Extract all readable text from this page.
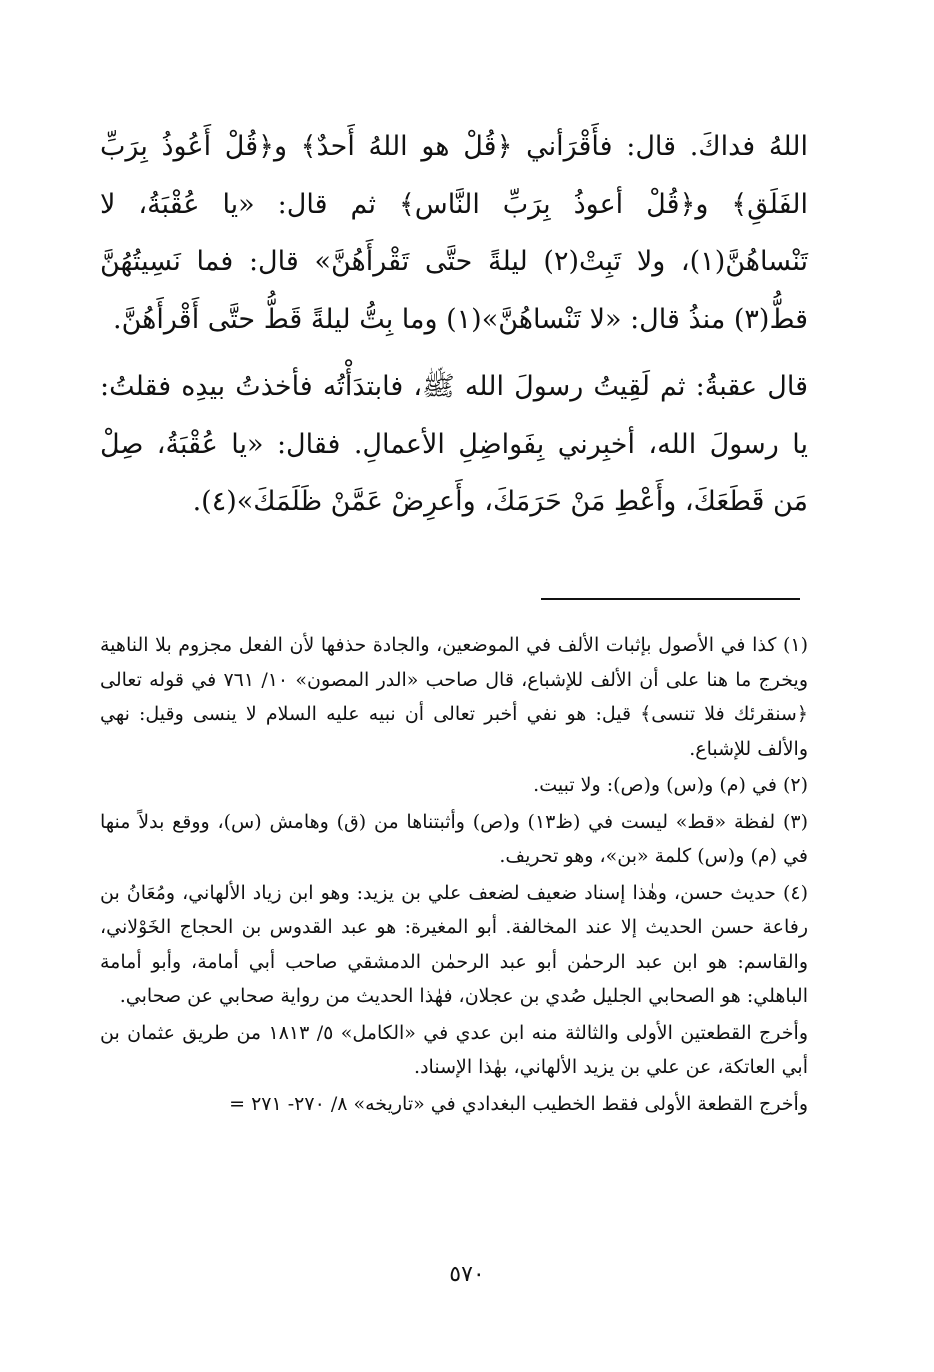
اللهُ فداكَ. قال: فأَقْرَأني ﴿قُلْ هو اللهُ أَحدٌ﴾ و﴿قُلْ أَعُوذُ بِرَبِّ الفَلَقِ﴾ و﴿قُلْ أعوذُ بِرَبِّ النَّاس﴾ ثم قال: «يا عُقْبَةُ، لا تَنْساهُنَّ(١)، ولا تَبِتْ(٢) ليلةً حتَّى تَقْرأَهُنَّ» قال: فما نَسِيتُهُنَّ قطُّ(٣) منذُ قال: «لا تَنْساهُنَّ»(١) وما بِتُّ ليلةً قَطُّ حتَّى أَقْرأَهُنَّ.

قال عقبةُ: ثم لَقِيتُ رسولَ الله ﷺ، فابتدَأْتُه فأخذتُ بيدِه فقلتُ: يا رسولَ الله، أخبِرني بِفَواضِلِ الأعمالِ. فقال: «يا عُقْبَةُ، صِلْ مَن قَطَعَكَ، وأَعْطِ مَنْ حَرَمَكَ، وأَعرِضْ عَمَّنْ ظَلَمَكَ»(٤).

(١) كذا في الأصول بإثبات الألف في الموضعين، والجادة حذفها لأن الفعل مجزوم بلا الناهية ويخرج ما هنا على أن الألف للإشباع، قال صاحب «الدر المصون» ١٠/ ٧٦١ في قوله تعالى ﴿سنقرئك فلا تنسى﴾ قيل: هو نفي أخبر تعالى أن نبيه عليه السلام لا ينسى وقيل: نهي والألف للإشباع.

(٢) في (م) و(س) و(ص): ولا تبيت.

(٣) لفظة «قط» ليست في (ظ١٣) و(ص) وأثبتناها من (ق) وهامش (س)، ووقع بدلاً منها في (م) و(س) كلمة «بن»، وهو تحريف.

(٤) حديث حسن، وهٰذا إسناد ضعيف لضعف علي بن يزيد: وهو ابن زياد الألهاني، ومُعَانُ بن رفاعة حسن الحديث إلا عند المخالفة. أبو المغيرة: هو عبد القدوس بن الحجاج الخَوْلاني، والقاسم: هو ابن عبد الرحمٰن أبو عبد الرحمٰن الدمشقي صاحب أبي أمامة، وأبو أمامة الباهلي: هو الصحابي الجليل صُدي بن عجلان، فهٰذا الحديث من رواية صحابي عن صحابي.

وأخرج القطعتين الأولى والثالثة منه ابن عدي في «الكامل» ٥/ ١٨١٣ من طريق عثمان بن أبي العاتكة، عن علي بن يزيد الألهاني، بهٰذا الإسناد.

وأخرج القطعة الأولى فقط الخطيب البغدادي في «تاريخه» ٨/ ٢٧٠- ٢٧١ =

٥٧٠
